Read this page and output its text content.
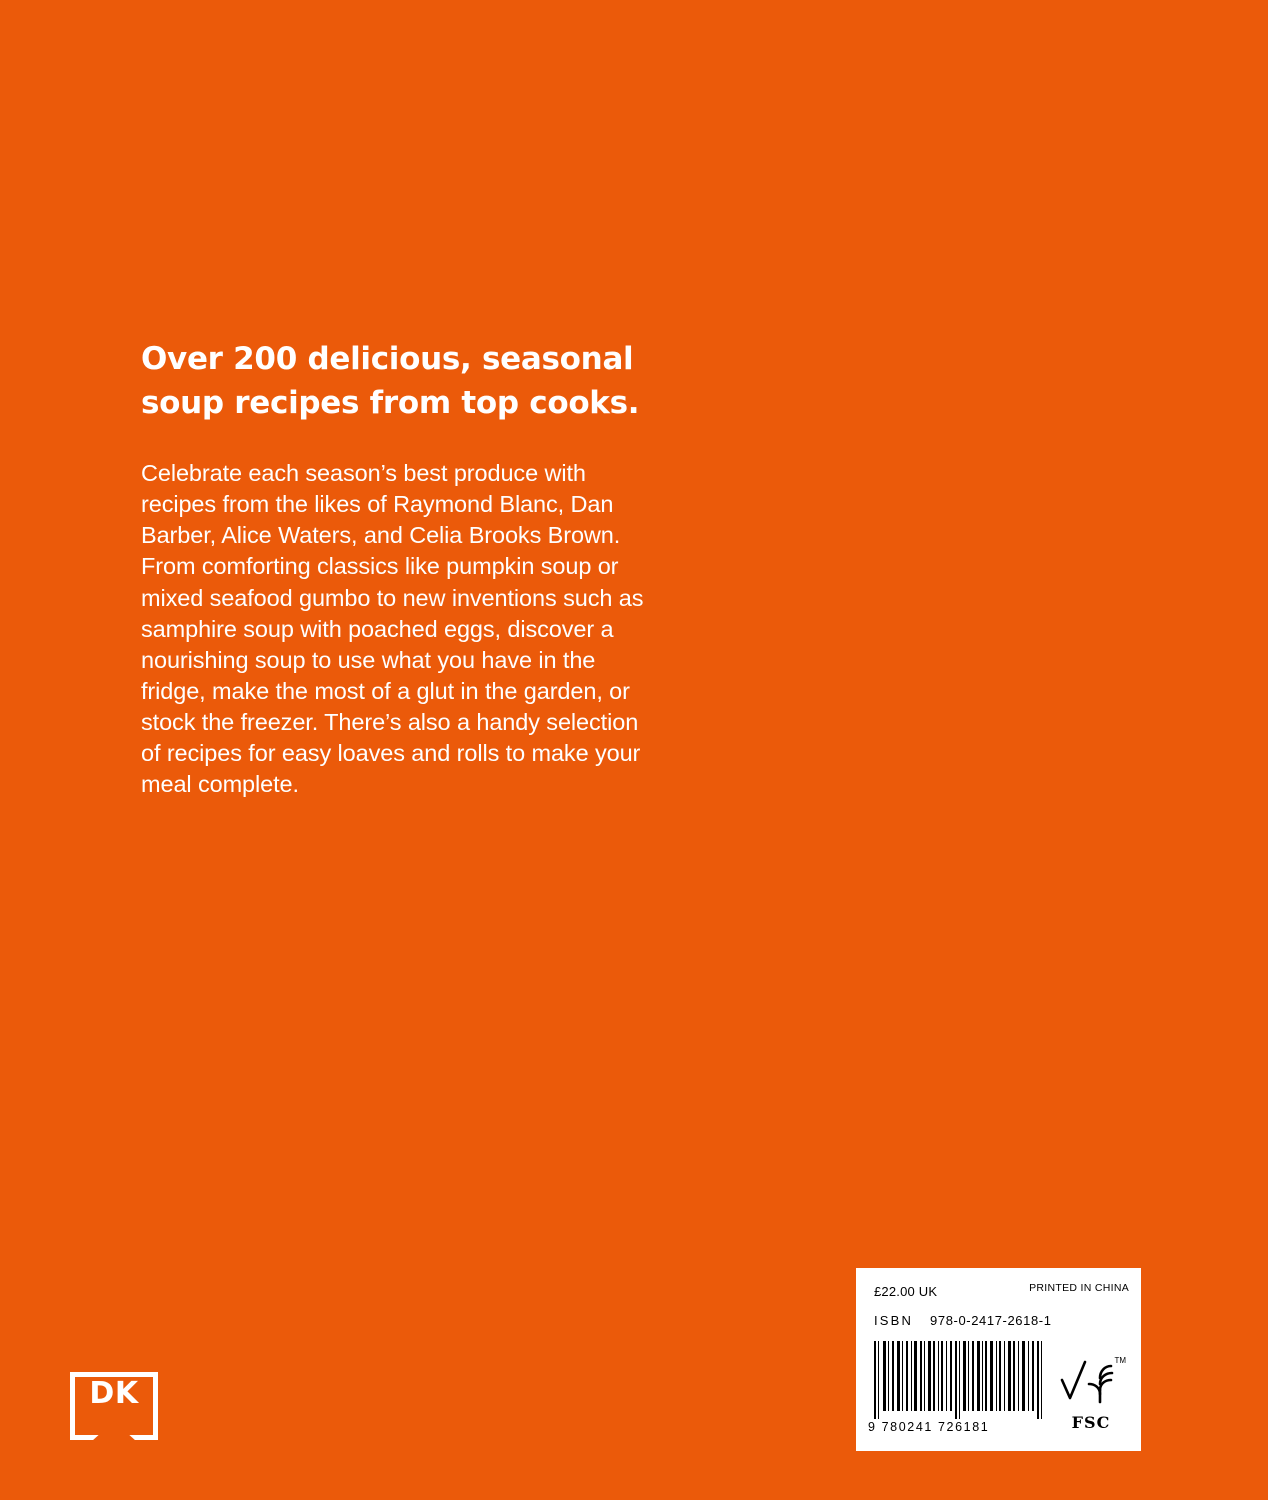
Over 200 delicious, seasonal soup recipes from top cooks.
Celebrate each season’s best produce with recipes from the likes of Raymond Blanc, Dan Barber, Alice Waters, and Celia Brooks Brown. From comforting classics like pumpkin soup or mixed seafood gumbo to new inventions such as samphire soup with poached eggs, discover a nourishing soup to use what you have in the fridge, make the most of a glut in the garden, or stock the freezer. There’s also a handy selection of recipes for easy loaves and rolls to make your meal complete.
DK
£22.00 UK	PRINTED IN CHINA
ISBN 978-0-2417-2618-1
9 780241 726181
TM
FSC
